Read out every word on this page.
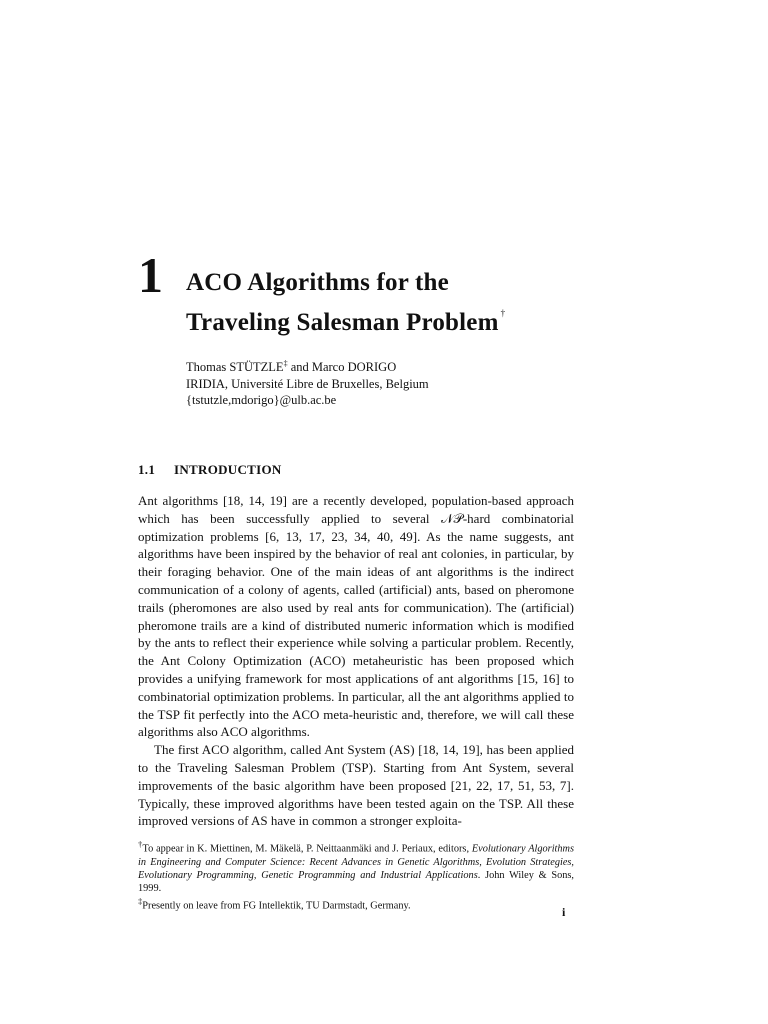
1 ACO Algorithms for the
Traveling Salesman Problem †
Thomas STÜTZLE‡ and Marco DORIGO
IRIDIA, Université Libre de Bruxelles, Belgium
{tstutzle,mdorigo}@ulb.ac.be
1.1 INTRODUCTION

Ant algorithms [18, 14, 19] are a recently developed, population-based approach which has been successfully applied to several 𝒩𝒫-hard combinatorial optimization problems [6, 13, 17, 23, 34, 40, 49]. As the name suggests, ant algorithms have been inspired by the behavior of real ant colonies, in particular, by their foraging behavior. One of the main ideas of ant algorithms is the indirect communication of a colony of agents, called (artificial) ants, based on pheromone trails (pheromones are also used by real ants for communication). The (artificial) pheromone trails are a kind of distributed numeric information which is modified by the ants to reflect their experience while solving a particular problem. Recently, the Ant Colony Optimization (ACO) metaheuristic has been proposed which provides a unifying framework for most applications of ant algorithms [15, 16] to combinatorial optimization problems. In particular, all the ant algorithms applied to the TSP fit perfectly into the ACO meta-heuristic and, therefore, we will call these algorithms also ACO algorithms.

The first ACO algorithm, called Ant System (AS) [18, 14, 19], has been applied to the Traveling Salesman Problem (TSP). Starting from Ant System, several improvements of the basic algorithm have been proposed [21, 22, 17, 51, 53, 7]. Typically, these improved algorithms have been tested again on the TSP. All these improved versions of AS have in common a stronger exploita-

†To appear in K. Miettinen, M. Mäkelä, P. Neittaanmäki and J. Periaux, editors, Evolutionary Algorithms in Engineering and Computer Science: Recent Advances in Genetic Algorithms, Evolution Strategies, Evolutionary Programming, Genetic Programming and Industrial Applications. John Wiley & Sons, 1999.

‡Presently on leave from FG Intellektik, TU Darmstadt, Germany.	i
